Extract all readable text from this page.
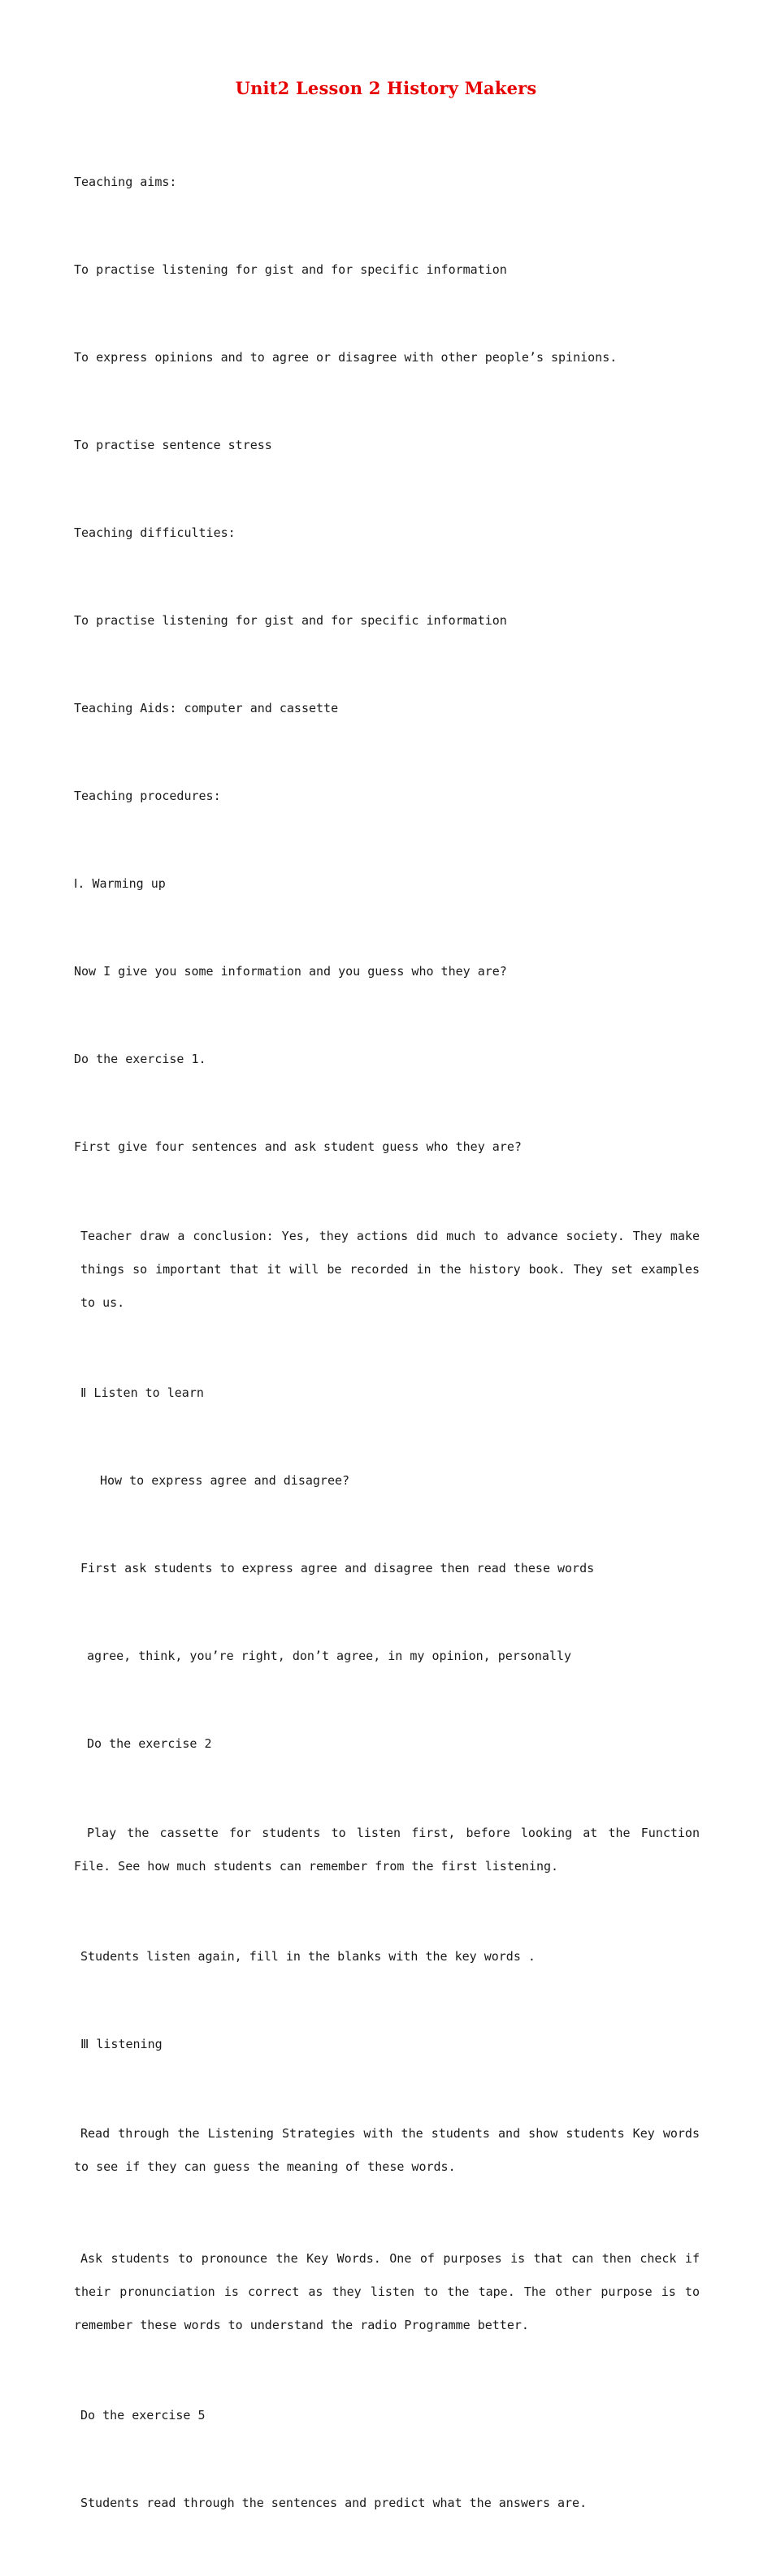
Unit2 Lesson 2 History Makers

Teaching aims:

To practise listening for gist and for specific information

To express opinions and to agree or disagree with other people’s spinions.

To practise sentence stress

Teaching difficulties:

To practise listening for gist and for specific information

Teaching Aids: computer and cassette

Teaching procedures:

Ⅰ. Warming up

Now I give you some information and you guess who they are?

Do the exercise 1.

First give four sentences and ask student guess who they are?

Teacher draw a conclusion: Yes, they actions did much to advance society. They make things so important that it will be recorded in the history book. They set examples to us.

Ⅱ Listen to learn

How to express agree and disagree?

First ask students to express agree and disagree then read these words

agree, think, you’re right, don’t agree, in my opinion, personally

Do the exercise 2

Play the cassette for students to listen first, before looking at the Function File. See how much students can remember from the first listening.

Students listen again, fill in the blanks with the key words .

Ⅲ listening

Read through the Listening Strategies with the students and show students Key words to see if they can guess the meaning of these words.

Ask students to pronounce the Key Words. One of purposes is that can then check if their pronunciation is correct as they listen to the tape. The other purpose is to remember these words to understand the radio Programme better.

Do the exercise 5

Students read through the sentences and predict what the answers are.
